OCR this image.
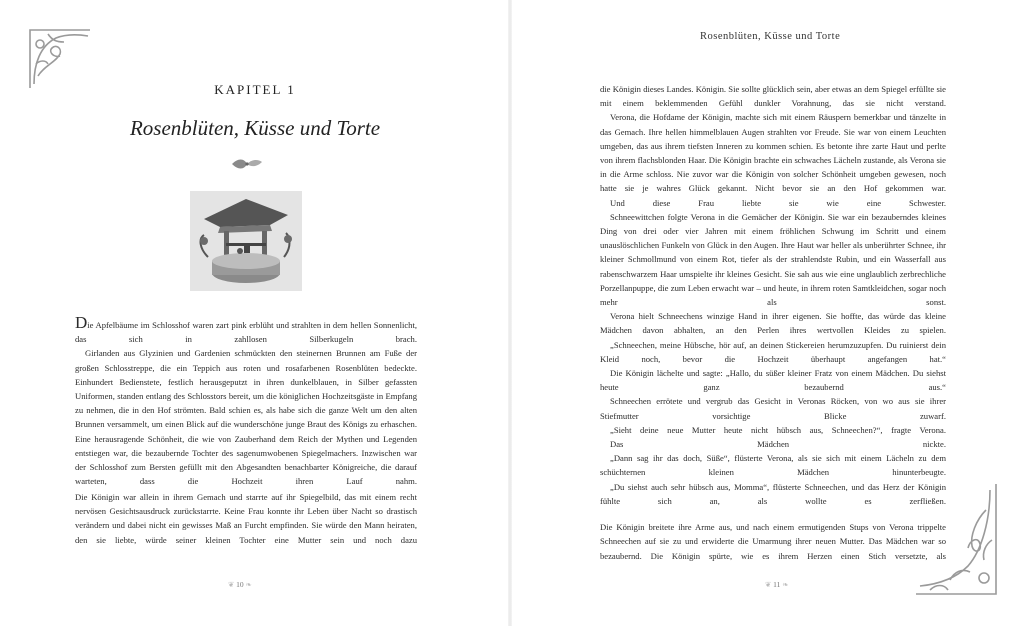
KAPITEL 1
Rosenblüten, Küsse und Torte

Die Apfelbäume im Schlosshof waren zart pink erblüht und strahlten in dem hellen Sonnenlicht, das sich in zahllosen Silberkugeln brach.

Girlanden aus Glyzinien und Gardenien schmückten den steinernen Brunnen am Fuße der großen Schlosstreppe, die ein Teppich aus roten und rosafarbenen Rosenblüten bedeckte. Einhundert Bedienstete, festlich herausgeputzt in ihren dunkelblauen, in Silber gefassten Uniformen, standen entlang des Schlosstors bereit, um die königlichen Hochzeitsgäste in Empfang zu nehmen, die in den Hof strömten. Bald schien es, als habe sich die ganze Welt um den alten Brunnen versammelt, um einen Blick auf die wunderschöne junge Braut des Königs zu erhaschen. Eine herausragende Schönheit, die wie von Zauberhand dem Reich der Mythen und Legenden entstiegen war, die bezaubernde Tochter des sagenumwobenen Spiegelmachers. Inzwischen war der Schlosshof zum Bersten gefüllt mit den Abgesandten benachbarter Königreiche, die darauf warteten, dass die Hochzeit ihren Lauf nahm.

Die Königin war allein in ihrem Gemach und starrte auf ihr Spiegelbild, das mit einem recht nervösen Gesichtsausdruck zurückstarrte. Keine Frau konnte ihr Leben über Nacht so drastisch verändern und dabei nicht ein gewisses Maß an Furcht empfinden. Sie würde den Mann heiraten, den sie liebte, würde seiner kleinen Tochter eine Mutter sein und noch dazu

❦ 10 ❧
Rosenblüten, Küsse und Torte

die Königin dieses Landes. Königin. Sie sollte glücklich sein, aber etwas an dem Spiegel erfüllte sie mit einem beklemmenden Gefühl dunkler Vorahnung, das sie nicht verstand.

Verona, die Hofdame der Königin, machte sich mit einem Räuspern bemerkbar und tänzelte in das Gemach. Ihre hellen himmelblauen Augen strahlten vor Freude. Sie war von einem Leuchten umgeben, das aus ihrem tiefsten Inneren zu kommen schien. Es betonte ihre zarte Haut und perlte von ihrem flachsblonden Haar. Die Königin brachte ein schwaches Lächeln zustande, als Verona sie in die Arme schloss. Nie zuvor war die Königin von solcher Schönheit umgeben gewesen, noch hatte sie je wahres Glück gekannt. Nicht bevor sie an den Hof gekommen war.

Und diese Frau liebte sie wie eine Schwester.

Schneewittchen folgte Verona in die Gemächer der Königin. Sie war ein bezauberndes kleines Ding von drei oder vier Jahren mit einem fröhlichen Schwung im Schritt und einem unauslöschlichen Funkeln von Glück in den Augen. Ihre Haut war heller als unberührter Schnee, ihr kleiner Schmollmund von einem Rot, tiefer als der strahlendste Rubin, und ein Wasserfall aus rabenschwarzem Haar umspielte ihr kleines Gesicht. Sie sah aus wie eine unglaublich zerbrechliche Porzellanpuppe, die zum Leben erwacht war – und heute, in ihrem roten Samtkleidchen, sogar noch mehr als sonst.

Verona hielt Schneechens winzige Hand in ihrer eigenen. Sie hoffte, das würde das kleine Mädchen davon abhalten, an den Perlen ihres wertvollen Kleides zu spielen.

„Schneechen, meine Hübsche, hör auf, an deinen Stickereien herumzuzupfen. Du ruinierst dein Kleid noch, bevor die Hochzeit überhaupt angefangen hat.“

Die Königin lächelte und sagte: „Hallo, du süßer kleiner Fratz von einem Mädchen. Du siehst heute ganz bezaubernd aus.“

Schneechen errötete und vergrub das Gesicht in Veronas Röcken, von wo aus sie ihrer Stiefmutter vorsichtige Blicke zuwarf.

„Sieht deine neue Mutter heute nicht hübsch aus, Schneechen?“, fragte Verona.

Das Mädchen nickte.

„Dann sag ihr das doch, Süße“, flüsterte Verona, als sie sich mit einem Lächeln zu dem schüchternen kleinen Mädchen hinunterbeugte.

„Du siehst auch sehr hübsch aus, Momma“, flüsterte Schneechen, und das Herz der Königin fühlte sich an, als wollte es zerfließen.

Die Königin breitete ihre Arme aus, und nach einem ermutigenden Stups von Verona trippelte Schneechen auf sie zu und erwiderte die Umarmung ihrer neuen Mutter. Das Mädchen war so bezaubernd. Die Königin spürte, wie es ihrem Herzen einen Stich versetzte, als

❦ 11 ❧
